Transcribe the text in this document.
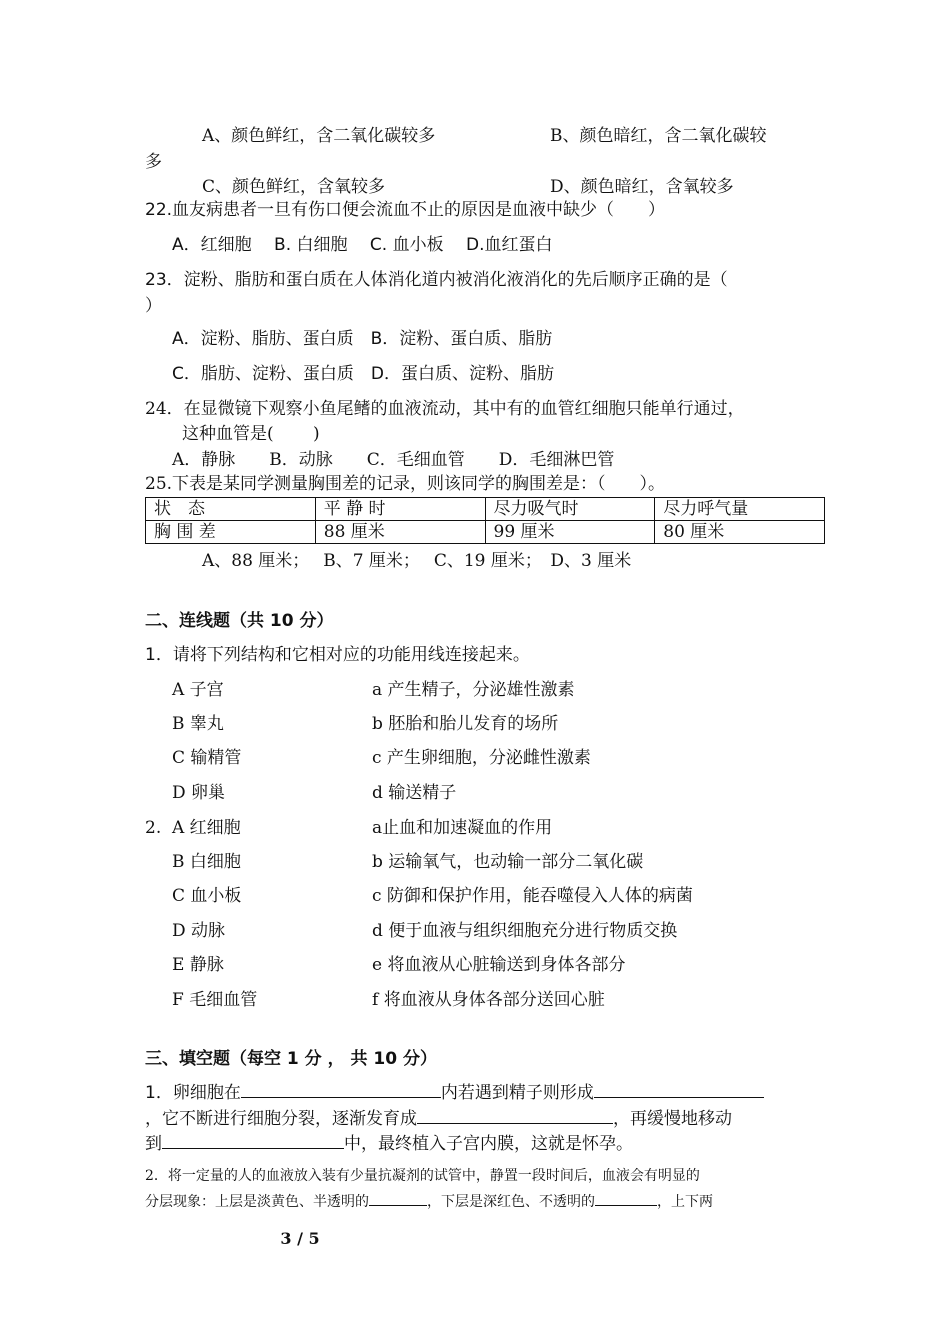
A、颜色鲜红，含二氧化碳较多	B、颜色暗红，含二氧化碳较
多
C、颜色鲜红，含氧较多	D、颜色暗红，含氧较多
22.血友病患者一旦有伤口便会流血不止的原因是血液中缺少（　　）
A．红细胞　 B. 白细胞　 C. 血小板　 D.血红蛋白
23．淀粉、脂肪和蛋白质在人体消化道内被消化液消化的先后顺序正确的是（
）
A．淀粉、脂肪、蛋白质　B．淀粉、蛋白质、脂肪
C．脂肪、淀粉、蛋白质　D．蛋白质、淀粉、脂肪
24．在显微镜下观察小鱼尾鳍的血液流动，其中有的血管红细胞只能单行通过，
这种血管是(　　 )
A．静脉　　B．动脉　　C．毛细血管　　D．毛细淋巴管
25.下表是某同学测量胸围差的记录，则该同学的胸围差是：（　　）。
状　态	平 静 时	尽力吸气时	尽力呼气量
胸 围 差	88 厘米	99 厘米	80 厘米
A、88 厘米；　 B、7 厘米；　 C、19 厘米；　D、3 厘米
二、连线题（共 10 分）
1．请将下列结构和它相对应的功能用线连接起来。
A 子宫	a 产生精子，分泌雄性激素
B 睾丸	b 胚胎和胎儿发育的场所
C 输精管	c 产生卵细胞，分泌雌性激素
D 卵巢	d 输送精子
2. A 红细胞	a止血和加速凝血的作用
B 白细胞	b 运输氧气，也动输一部分二氧化碳
C 血小板	c 防御和保护作用，能吞噬侵入人体的病菌
D 动脉	d 便于血液与组织细胞充分进行物质交换
E 静脉	e 将血液从心脏输送到身体各部分
F 毛细血管	f 将血液从身体各部分送回心脏
三、填空题（每空 1 分 ， 共 10 分）
1．卵细胞在	内若遇到精子则形成
，它不断进行细胞分裂，逐渐发育成	，再缓慢地移动
到	中，最终植入子宫内膜，这就是怀孕。
2．将一定量的人的血液放入装有少量抗凝剂的试管中，静置一段时间后，血液会有明显的
分层现象：上层是淡黄色、半透明的	，下层是深红色、不透明的	，上下两
3 / 5
